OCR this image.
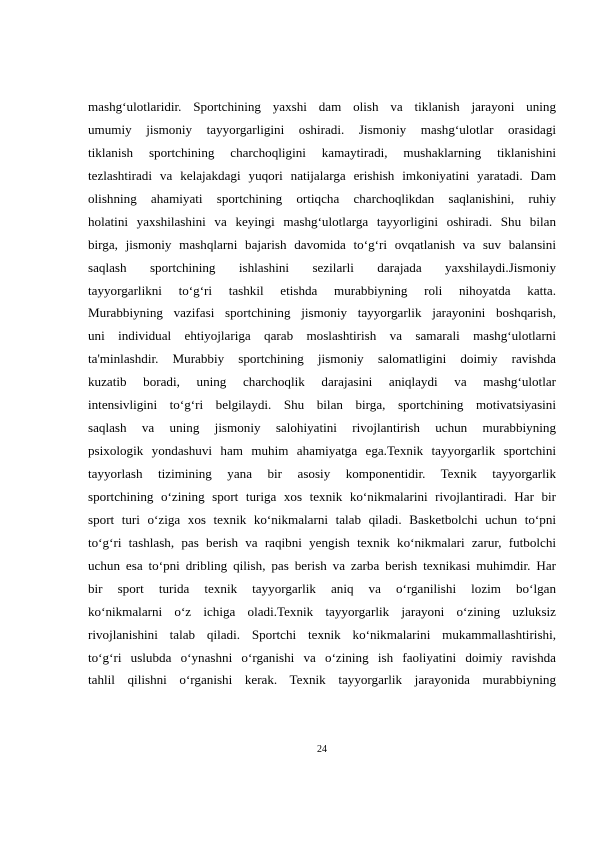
mashg‘ulotlaridir. Sportchining yaxshi dam olish va tiklanish jarayoni uning
umumiy jismoniy tayyorgarligini oshiradi. Jismoniy mashg‘ulotlar orasidagi
tiklanish sportchining charchoqligini kamaytiradi, mushaklarning tiklanishini
tezlashtiradi va kelajakdagi yuqori natijalarga erishish imkoniyatini yaratadi. Dam
olishning ahamiyati sportchining ortiqcha charchoqlikdan saqlanishini, ruhiy
holatini yaxshilashini va keyingi mashg‘ulotlarga tayyorligini oshiradi. Shu bilan
birga, jismoniy mashqlarni bajarish davomida to‘g‘ri ovqatlanish va suv balansini
saqlash sportchining ishlashini sezilarli darajada yaxshilaydi.Jismoniy
tayyorgarlikni to‘g‘ri tashkil etishda murabbiyning roli nihoyatda katta.
Murabbiyning vazifasi sportchining jismoniy tayyorgarlik jarayonini boshqarish,
uni individual ehtiyojlariga qarab moslashtirish va samarali mashg‘ulotlarni
ta'minlashdir. Murabbiy sportchining jismoniy salomatligini doimiy ravishda
kuzatib boradi, uning charchoqlik darajasini aniqlaydi va mashg‘ulotlar
intensivligini to‘g‘ri belgilaydi. Shu bilan birga, sportchining motivatsiyasini
saqlash va uning jismoniy salohiyatini rivojlantirish uchun murabbiyning
psixologik yondashuvi ham muhim ahamiyatga ega.Texnik tayyorgarlik sportchini
tayyorlash tizimining yana bir asosiy komponentidir. Texnik tayyorgarlik
sportchining o‘zining sport turiga xos texnik ko‘nikmalarini rivojlantiradi. Har bir
sport turi o‘ziga xos texnik ko‘nikmalarni talab qiladi. Basketbolchi uchun to‘pni
to‘g‘ri tashlash, pas berish va raqibni yengish texnik ko‘nikmalari zarur, futbolchi
uchun esa to‘pni dribling qilish, pas berish va zarba berish texnikasi muhimdir. Har
bir sport turida texnik tayyorgarlik aniq va o‘rganilishi lozim bo‘lgan
ko‘nikmalarni o‘z ichiga oladi.Texnik tayyorgarlik jarayoni o‘zining uzluksiz
rivojlanishini talab qiladi. Sportchi texnik ko‘nikmalarini mukammallashtirishi,
to‘g‘ri uslubda o‘ynashni o‘rganishi va o‘zining ish faoliyatini doimiy ravishda
tahlil qilishni o‘rganishi kerak. Texnik tayyorgarlik jarayonida murabbiyning
24
